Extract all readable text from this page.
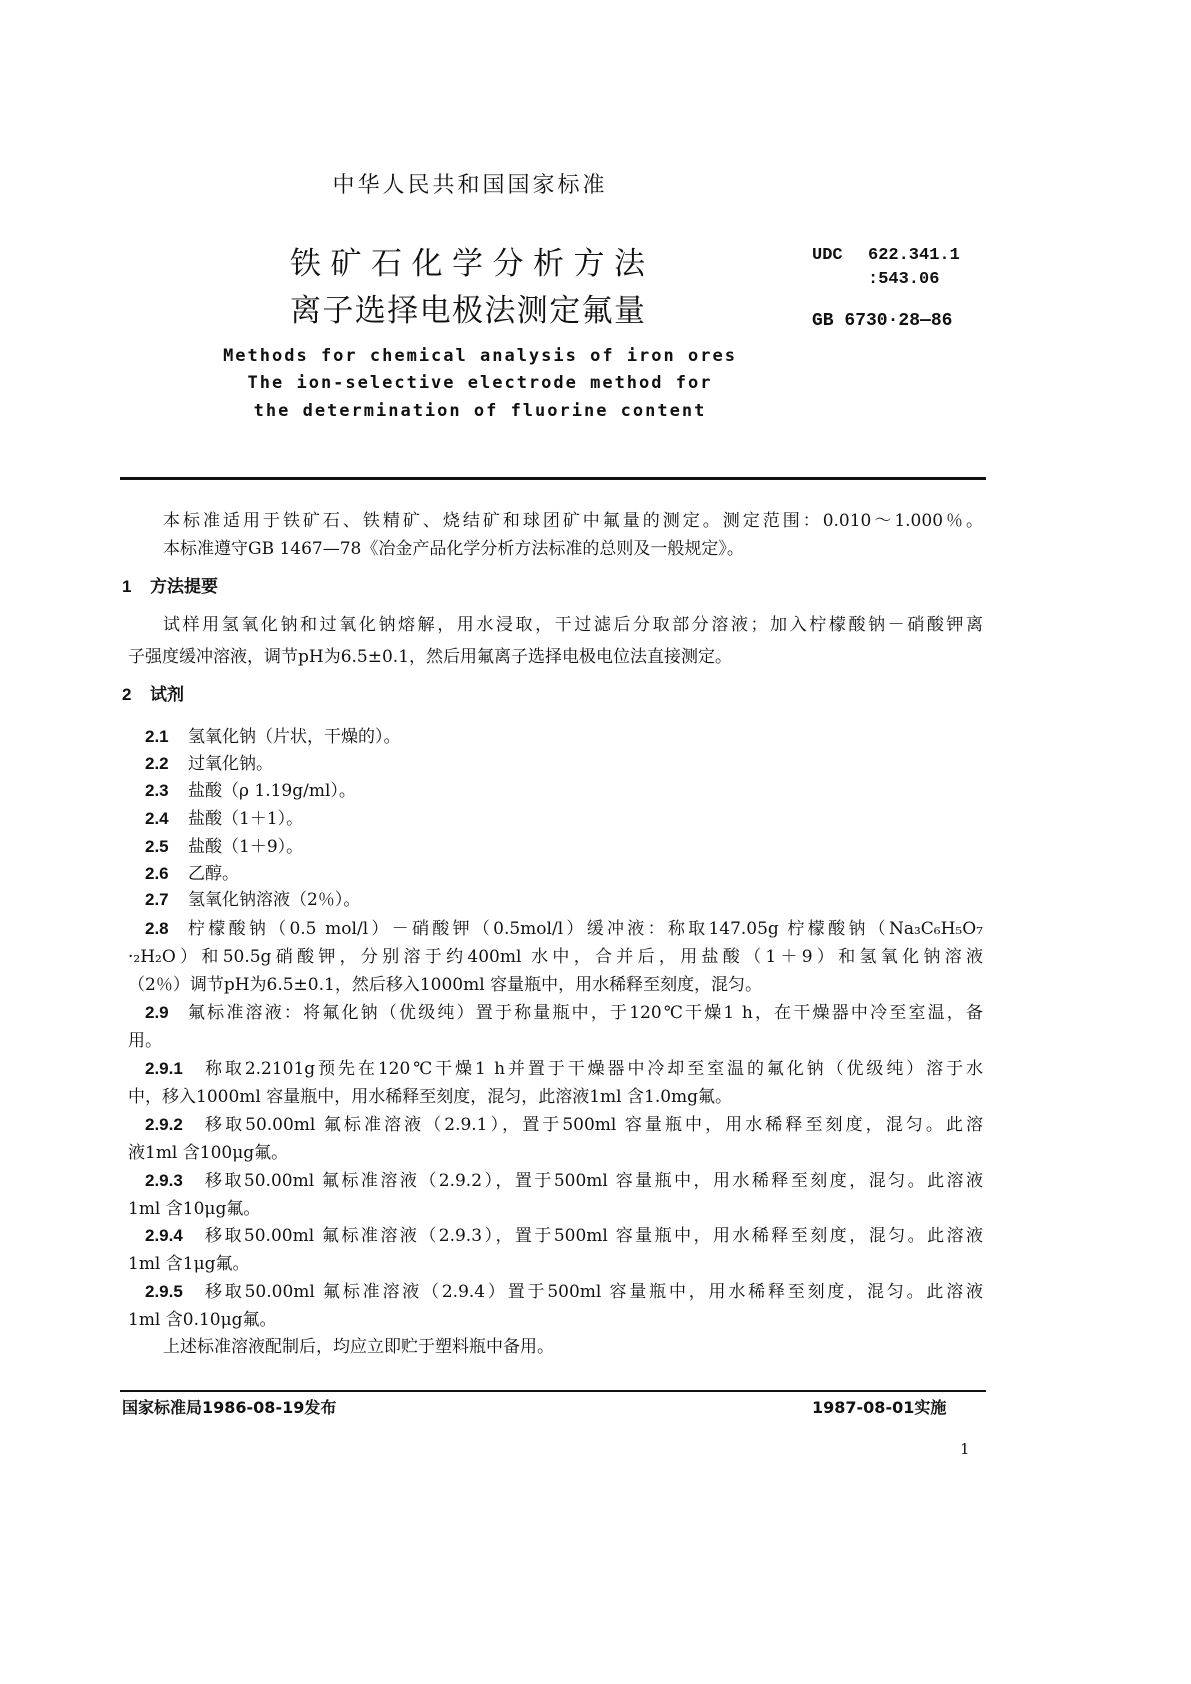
中华人民共和国国家标准
铁矿石化学分析方法
离子选择电极法测定氟量
UDC 622.341.1
:543.06
GB 6730·28—86
Methods for chemical analysis of iron ores
The ion-selective electrode method for
the determination of fluorine content
本标准适用于铁矿石、铁精矿、烧结矿和球团矿中氟量的测定。测定范围：0.010～1.000％。
本标准遵守GB 1467—78《冶金产品化学分析方法标准的总则及一般规定》。
1 方法提要
试样用氢氧化钠和过氧化钠熔解，用水浸取，干过滤后分取部分溶液；加入柠檬酸钠－硝酸钾离
子强度缓冲溶液，调节pH为6.5±0.1，然后用氟离子选择电极电位法直接测定。
2 试剂
2.1 氢氧化钠（片状，干燥的）。
2.2 过氧化钠。
2.3 盐酸（ρ 1.19g/ml）。
2.4 盐酸（1＋1）。
2.5 盐酸（1＋9）。
2.6 乙醇。
2.7 氢氧化钠溶液（2％）。
2.8 柠檬酸钠（0.5 mol/l）－硝酸钾（0.5mol/l）缓冲液：称取147.05g 柠檬酸钠（Na₃C₆H₅O₇
·₂H₂O）和50.5g硝酸钾，分别溶于约400ml 水中，合并后，用盐酸（1＋9）和氢氧化钠溶液
（2％）调节pH为6.5±0.1，然后移入1000ml 容量瓶中，用水稀释至刻度，混匀。
2.9 氟标准溶液：将氟化钠（优级纯）置于称量瓶中，于120℃干燥1 h，在干燥器中冷至室温，备
用。
2.9.1 称取2.2101g预先在120℃干燥1 h并置于干燥器中冷却至室温的氟化钠（优级纯）溶于水
中，移入1000ml 容量瓶中，用水稀释至刻度，混匀，此溶液1ml 含1.0mg氟。
2.9.2 移取50.00ml 氟标准溶液（2.9.1），置于500ml 容量瓶中，用水稀释至刻度，混匀。此溶
液1ml 含100μg氟。
2.9.3 移取50.00ml 氟标准溶液（2.9.2），置于500ml 容量瓶中，用水稀释至刻度，混匀。此溶液
1ml 含10μg氟。
2.9.4 移取50.00ml 氟标准溶液（2.9.3），置于500ml 容量瓶中，用水稀释至刻度，混匀。此溶液
1ml 含1μg氟。
2.9.5 移取50.00ml 氟标准溶液（2.9.4）置于500ml 容量瓶中，用水稀释至刻度，混匀。此溶液
1ml 含0.10μg氟。
上述标准溶液配制后，均应立即贮于塑料瓶中备用。
国家标准局1986-08-19发布	1987-08-01实施
1
